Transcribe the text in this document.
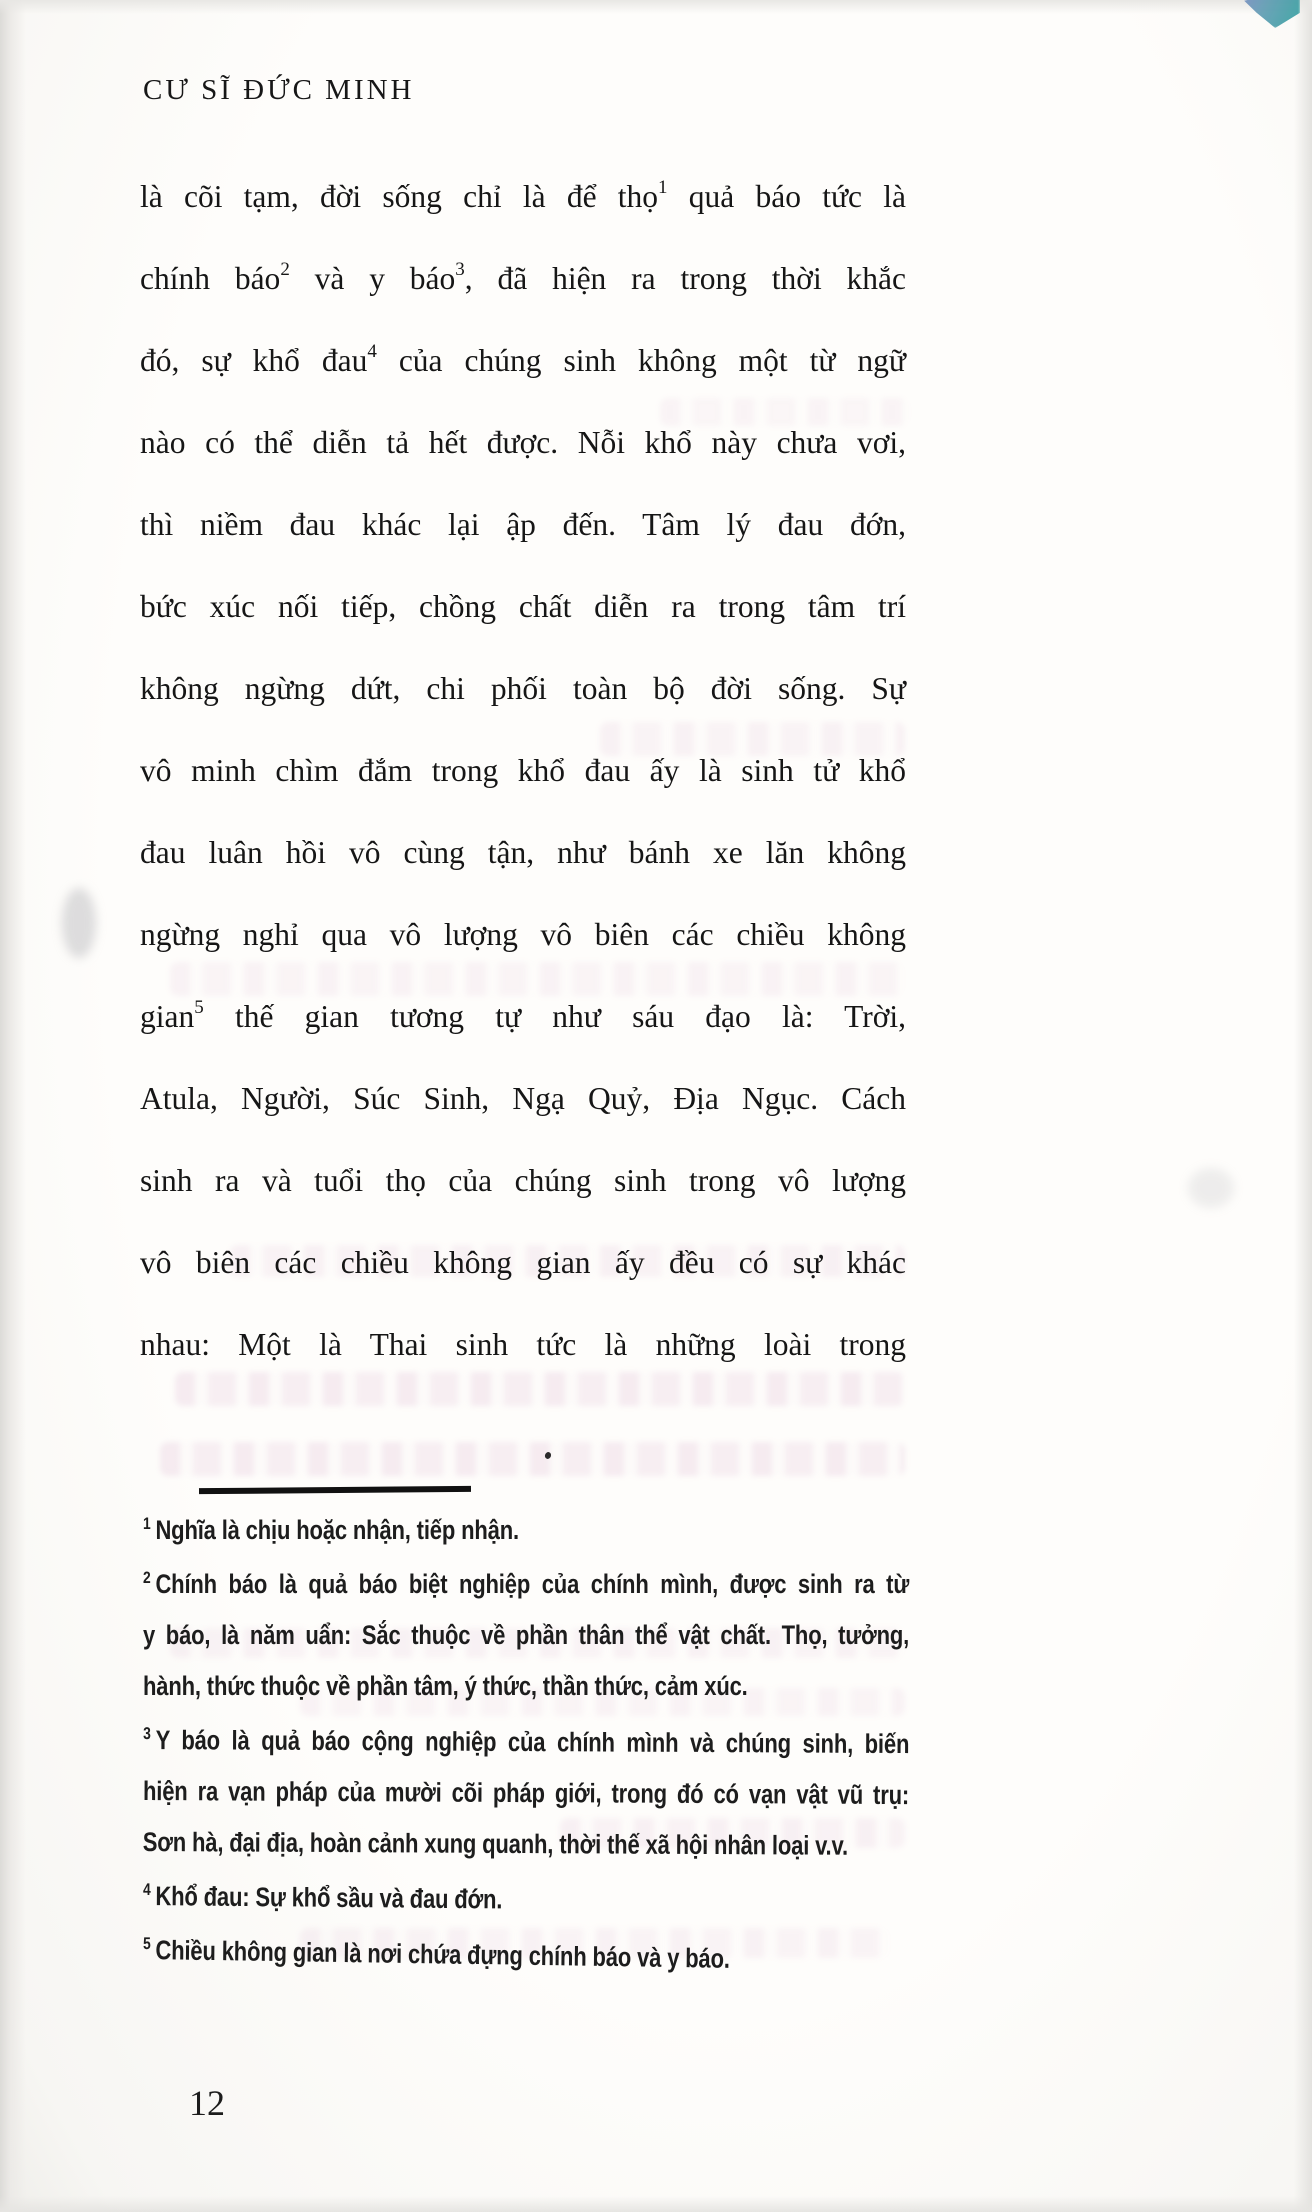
CƯ SĨ ĐỨC MINH
là cõi tạm, đời sống chỉ là để thọ$^1$ quả báo tức là
chính báo$^2$ và y báo$^3$, đã hiện ra trong thời khắc
đó, sự khổ đau$^4$ của chúng sinh không một từ ngữ
nào có thể diễn tả hết được. Nỗi khổ này chưa vơi,
thì niềm đau khác lại ập đến. Tâm lý đau đớn,
bức xúc nối tiếp, chồng chất diễn ra trong tâm trí
không ngừng dứt, chi phối toàn bộ đời sống. Sự
vô minh chìm đắm trong khổ đau ấy là sinh tử khổ
đau luân hồi vô cùng tận, như bánh xe lăn không
ngừng nghỉ qua vô lượng vô biên các chiều không
gian$^5$ thế gian tương tự như sáu đạo là: Trời,
Atula, Người, Súc Sinh, Ngạ Quỷ, Địa Ngục. Cách
sinh ra và tuổi thọ của chúng sinh trong vô lượng
vô biên các chiều không gian ấy đều có sự khác
nhau: Một là Thai sinh tức là những loài trong
$^1$ Nghĩa là chịu hoặc nhận, tiếp nhận.
$^2$ Chính báo là quả báo biệt nghiệp của chính mình, được sinh ra từ
y báo, là năm uẩn: Sắc thuộc về phần thân thể vật chất. Thọ, tưởng,
hành, thức thuộc về phần tâm, ý thức, thần thức, cảm xúc.
$^3$ Y báo là quả báo cộng nghiệp của chính mình và chúng sinh, biến
hiện ra vạn pháp của mười cõi pháp giới, trong đó có vạn vật vũ trụ:
Sơn hà, đại địa, hoàn cảnh xung quanh, thời thế xã hội nhân loại v.v.
$^4$ Khổ đau: Sự khổ sầu và đau đớn.
$^5$ Chiều không gian là nơi chứa đựng chính báo và y báo.
12
